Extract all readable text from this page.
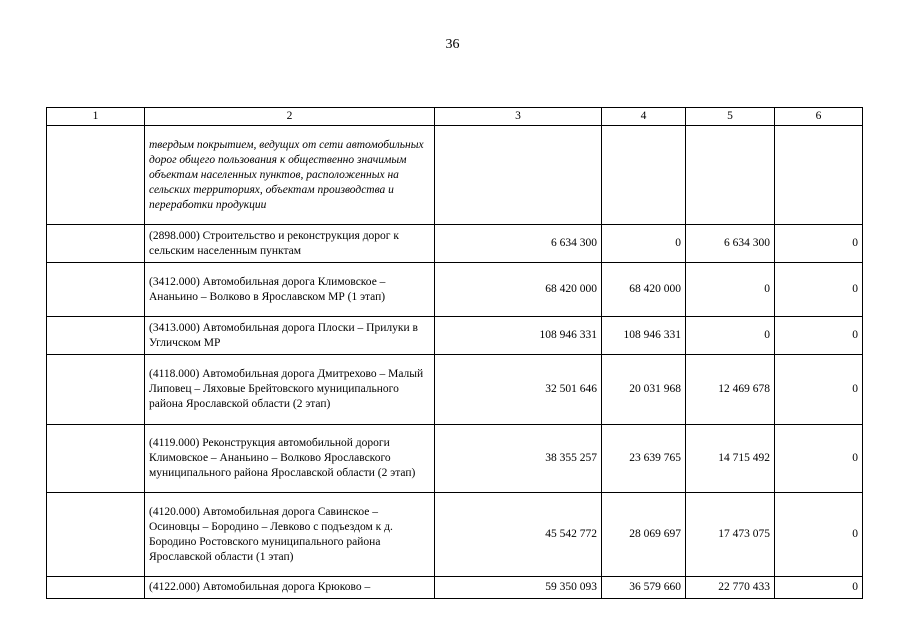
36
1	2	3	4	5	6
	твердым покрытием, ведущих от сети автомобильных дорог общего пользования к общественно значимым объектам населенных пунктов, расположенных на сельских территориях, объектам производства и переработки продукции				
	(2898.000) Строительство и реконструкция дорог к сельским населенным пунктам	6 634 300	0	6 634 300	0
	(3412.000) Автомобильная дорога Климовское – Ананьино – Волково в Ярославском МР (1 этап)	68 420 000	68 420 000	0	0
	(3413.000) Автомобильная дорога Плоски – Прилуки в Угличском МР	108 946 331	108 946 331	0	0
	(4118.000) Автомобильная дорога Дмитрехово – Малый Липовец – Ляховые Брейтовского муниципального района Ярославской области (2 этап)	32 501 646	20 031 968	12 469 678	0
	(4119.000) Реконструкция автомобильной дороги Климовское – Ананьино – Волково Ярославского муниципального района Ярославской области (2 этап)	38 355 257	23 639 765	14 715 492	0
	(4120.000) Автомобильная дорога Савинское – Осиновцы – Бородино – Левково с подъездом к д. Бородино Ростовского муниципального района Ярославской области (1 этап)	45 542 772	28 069 697	17 473 075	0
	(4122.000) Автомобильная дорога Крюково –	59 350 093	36 579 660	22 770 433	0
